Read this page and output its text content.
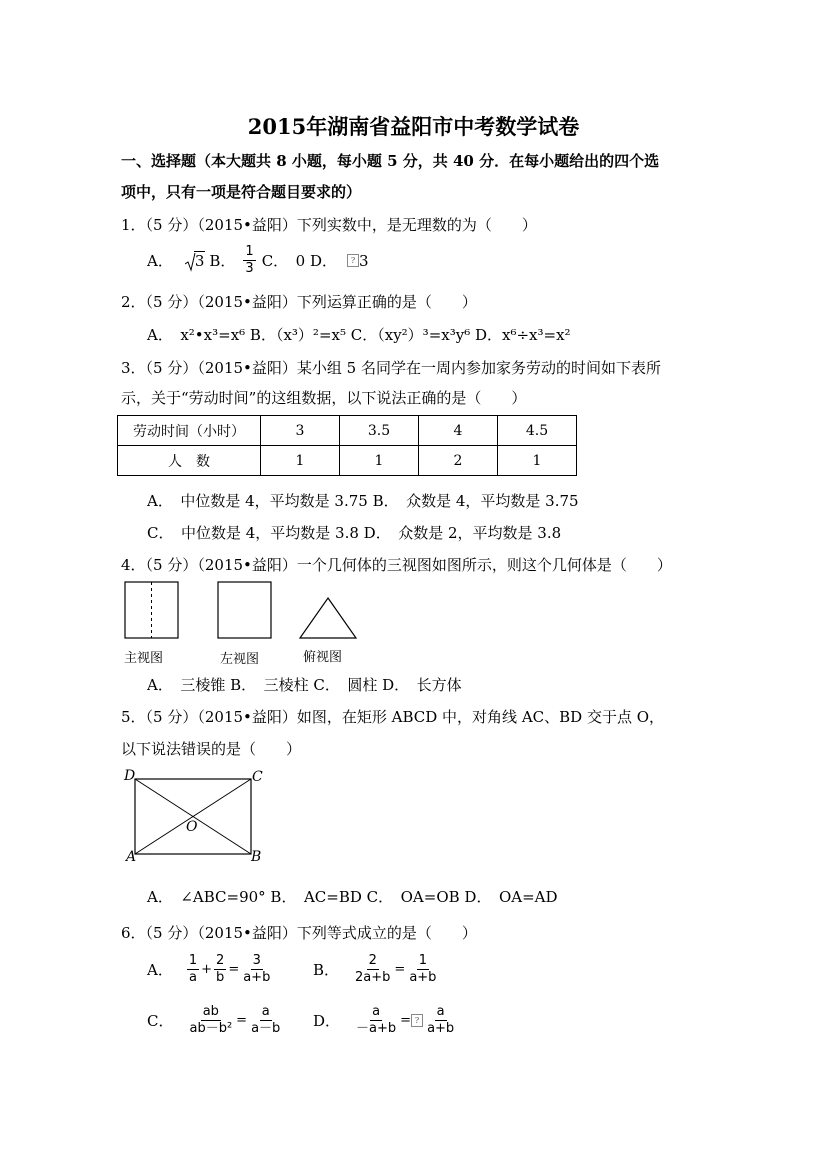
2015年湖南省益阳市中考数学试卷
一、选择题（本大题共 8 小题，每小题 5 分，共 40 分．在每小题给出的四个选
项中，只有一项是符合题目要求的）
1．（5 分）（2015•益阳）下列实数中，是无理数的为（　　）
A．	3 B． $\frac{1}{3}$ C．　0 D．	? 3
2．（5 分）（2015•益阳）下列运算正确的是（　　）
A．　x²•x³=x⁶ B．（x³）²=x⁵ C．（xy²）³=x³y⁶ D．x⁶÷x³=x²
3．（5 分）（2015•益阳）某小组 5 名同学在一周内参加家务劳动的时间如下表所
示，关于“劳动时间”的这组数据，以下说法正确的是（　　）
劳动时间（小时）	3	3.5	4	4.5
人　数	1	1	2	1
A．　中位数是 4，平均数是 3.75 B．　众数是 4，平均数是 3.75
C．　中位数是 4，平均数是 3.8 D．　众数是 2，平均数是 3.8
4．（5 分）（2015•益阳）一个几何体的三视图如图所示，则这个几何体是（　　）
主视图	左视图	俯视图
A．　三棱锥 B．　三棱柱 C．　圆柱 D．　长方体
5．（5 分）（2015•益阳）如图，在矩形 ABCD 中，对角线 AC、BD 交于点 O，
以下说法错误的是（　　）
D	C
O
A	B
A．　∠ABC=90° B．　AC=BD C．　OA=OB D．　OA=AD
6．（5 分）（2015•益阳）下列等式成立的是（　　）
A． $\frac{1}{a} + \frac{2}{b} = \frac{3}{a+b}$	B． $\frac{2}{2a+b} = \frac{1}{a+b}$
C． $\frac{ab}{\text{ab－b²}} = \frac{a}{a-b}$ D． $\frac{a}{-a+b}$ = ? $\frac{a}{a+b}$
